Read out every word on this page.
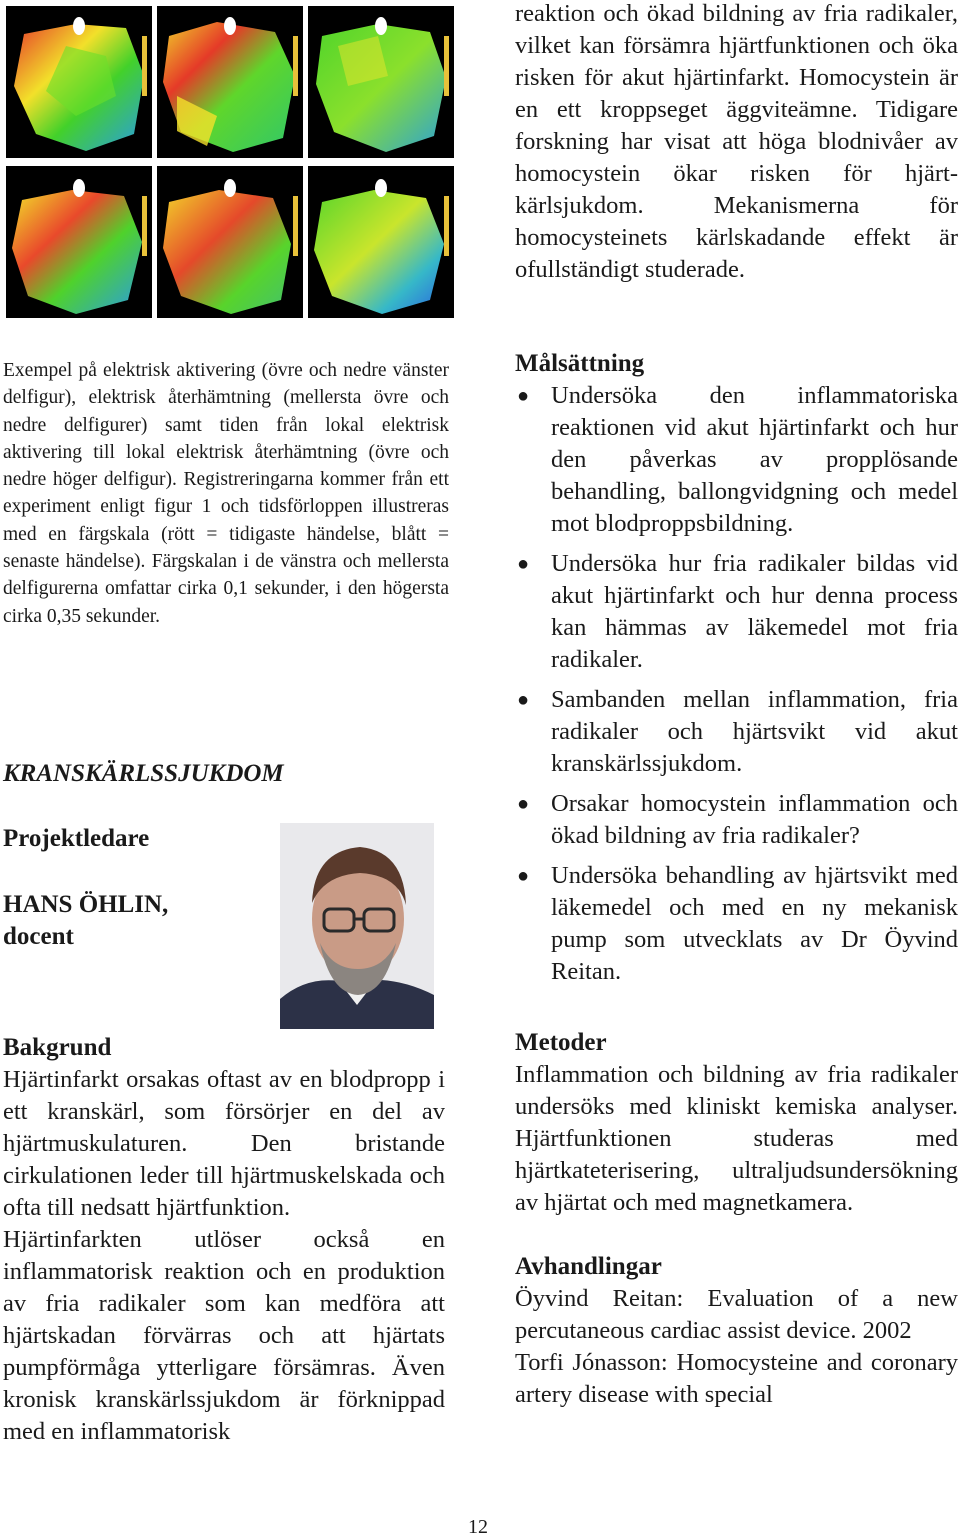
Exempel på elektrisk aktivering (övre och nedre vänster delfigur), elektrisk återhämtning (mellersta övre och nedre delfigurer) samt tiden från lokal elektrisk aktivering till lokal elektrisk återhämtning (övre och nedre höger delfigur). Registreringarna kommer från ett experiment enligt figur 1 och tidsförloppen illustreras med en färgskala (rött = tidigaste händelse, blått = senaste händelse). Färgskalan i de vänstra och mellersta delfigurerna omfattar cirka 0,1 sekunder, i den högersta cirka 0,35 sekunder.

KRANSKÄRLSSJUKDOM

Projektledare

HANS ÖHLIN,
docent
Bakgrund

Hjärtinfarkt orsakas oftast av en blodpropp i ett kranskärl, som försörjer en del av hjärtmuskulaturen. Den bristande cirkulationen leder till hjärtmuskelskada och ofta till nedsatt hjärtfunktion.

Hjärtinfarkten utlöser också en inflammatorisk reaktion och en produktion av fria radikaler som kan medföra att hjärtskadan förvärras och att hjärtats pumpförmåga ytterligare försämras. Även kronisk kranskärlssjukdom är förknippad med en inflammatorisk

reaktion och ökad bildning av fria radikaler, vilket kan försämra hjärtfunktionen och öka risken för akut hjärtinfarkt. Homocystein är en ett kroppseget äggviteämne. Tidigare forskning har visat att höga blodnivåer av homocystein ökar risken för hjärt-kärlsjukdom. Mekanismerna för homocysteinets kärlskadande effekt är ofullständigt studerade.

Målsättning
● Undersöka den inflammatoriska reaktionen vid akut hjärtinfarkt och hur den påverkas av propplösande behandling, ballongvidgning och medel mot blodproppsbildning.
● Undersöka hur fria radikaler bildas vid akut hjärtinfarkt och hur denna process kan hämmas av läkemedel mot fria radikaler.
● Sambanden mellan inflammation, fria radikaler och hjärtsvikt vid akut kranskärlssjukdom.
● Orsakar homocystein inflammation och ökad bildning av fria radikaler?
● Undersöka behandling av hjärtsvikt med läkemedel och med en ny mekanisk pump som utvecklats av Dr Öyvind Reitan.
Metoder

Inflammation och bildning av fria radikaler undersöks med kliniskt kemiska analyser. Hjärtfunktionen studeras med hjärtkateterisering, ultraljudsundersökning av hjärtat och med magnetkamera.

Avhandlingar

Öyvind Reitan: Evaluation of a new percutaneous cardiac assist device. 2002

Torfi Jónasson: Homocysteine and coronary artery disease with special

12
